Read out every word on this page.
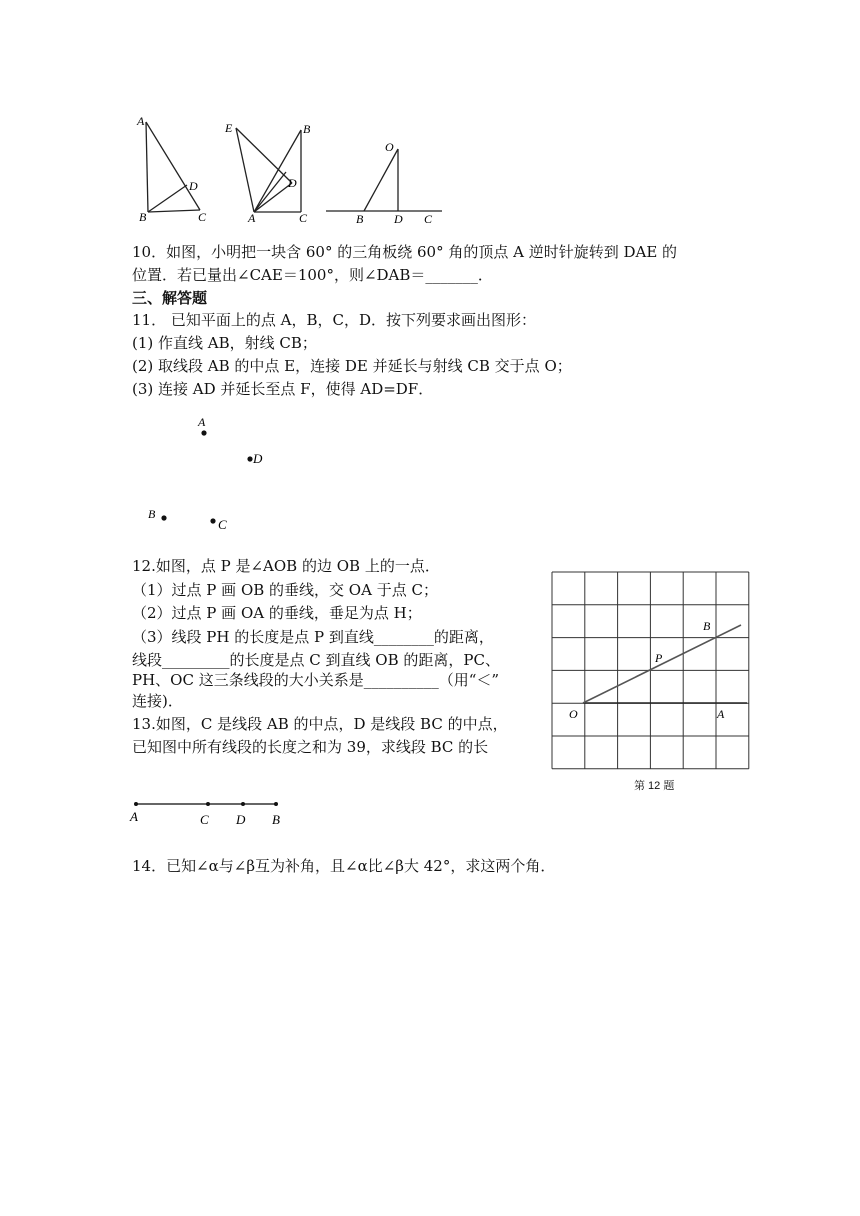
A
D
B	C
E	B
D
A	C
O
B	D C
10．如图，小明把一块含 60° 的三角板绕 60° 角的顶点 A 逆时针旋转到 DAE 的
位置．若已量出∠CAE＝100°，则∠DAB＝_______．
三、解答题
11． 已知平面上的点 A，B，C，D．按下列要求画出图形：
(1) 作直线 AB，射线 CB；
(2) 取线段 AB 的中点 E，连接 DE 并延长与射线 CB 交于点 O；
(3) 连接 AD 并延长至点 F，使得 AD=DF．
A
D
B
C
12.如图，点 P 是∠AOB 的边 OB 上的一点．
（1）过点 P 画 OB 的垂线，交 OA 于点 C；
（2）过点 P 画 OA 的垂线，垂足为点 H；
（3）线段 PH 的长度是点 P 到直线________的距离，
线段_________的长度是点 C 到直线 OB 的距离，PC、
PH、OC 这三条线段的大小关系是__________（用“＜”
连接)．
B
P
O	A
第 12 题
13.如图，C 是线段 AB 的中点，D 是线段 BC 的中点，
已知图中所有线段的长度之和为 39，求线段 BC 的长
A	C D B
14．已知∠α与∠β互为补角，且∠α比∠β大 42°，求这两个角．
